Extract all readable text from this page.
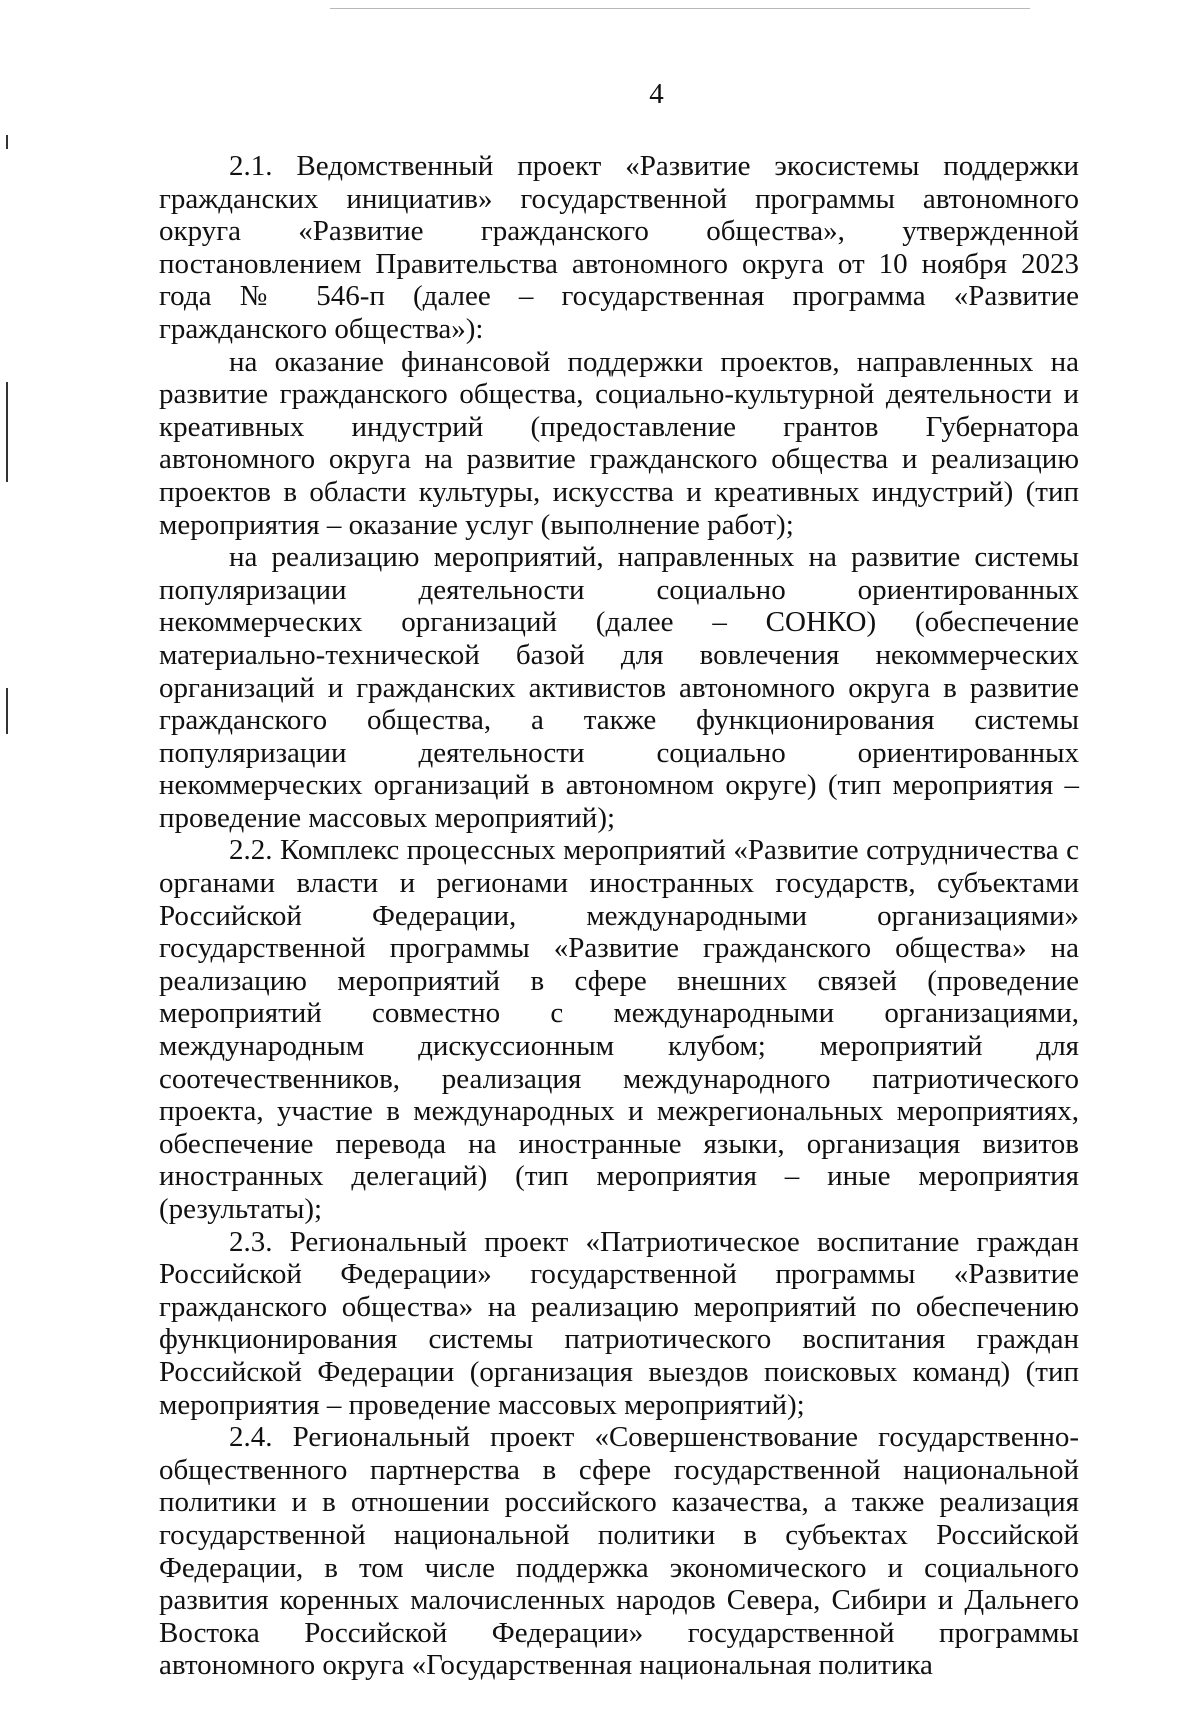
4

2.1. Ведомственный проект «Развитие экосистемы поддержки гражданских инициатив» государственной программы автономного округа «Развитие гражданского общества», утвержденной постановлением Правительства автономного округа от 10 ноября 2023 года № 546-п (далее – государственная программа «Развитие гражданского общества»):

на оказание финансовой поддержки проектов, направленных на развитие гражданского общества, социально-культурной деятельности и креативных индустрий (предоставление грантов Губернатора автономного округа на развитие гражданского общества и реализацию проектов в области культуры, искусства и креативных индустрий) (тип мероприятия – оказание услуг (выполнение работ);

на реализацию мероприятий, направленных на развитие системы популяризации деятельности социально ориентированных некоммерческих организаций (далее – СОНКО) (обеспечение материально-технической базой для вовлечения некоммерческих организаций и гражданских активистов автономного округа в развитие гражданского общества, а также функционирования системы популяризации деятельности социально ориентированных некоммерческих организаций в автономном округе) (тип мероприятия – проведение массовых мероприятий);

2.2. Комплекс процессных мероприятий «Развитие сотрудничества с органами власти и регионами иностранных государств, субъектами Российской Федерации, международными организациями» государственной программы «Развитие гражданского общества» на реализацию мероприятий в сфере внешних связей (проведение мероприятий совместно с международными организациями, международным дискуссионным клубом; мероприятий для соотечественников, реализация международного патриотического проекта, участие в международных и межрегиональных мероприятиях, обеспечение перевода на иностранные языки, организация визитов иностранных делегаций) (тип мероприятия – иные мероприятия (результаты);

2.3. Региональный проект «Патриотическое воспитание граждан Российской Федерации» государственной программы «Развитие гражданского общества» на реализацию мероприятий по обеспечению функционирования системы патриотического воспитания граждан Российской Федерации (организация выездов поисковых команд) (тип мероприятия – проведение массовых мероприятий);

2.4. Региональный проект «Совершенствование государственно-общественного партнерства в сфере государственной национальной политики и в отношении российского казачества, а также реализация государственной национальной политики в субъектах Российской Федерации, в том числе поддержка экономического и социального развития коренных малочисленных народов Севера, Сибири и Дальнего Востока Российской Федерации» государственной программы автономного округа «Государственная национальная политика
